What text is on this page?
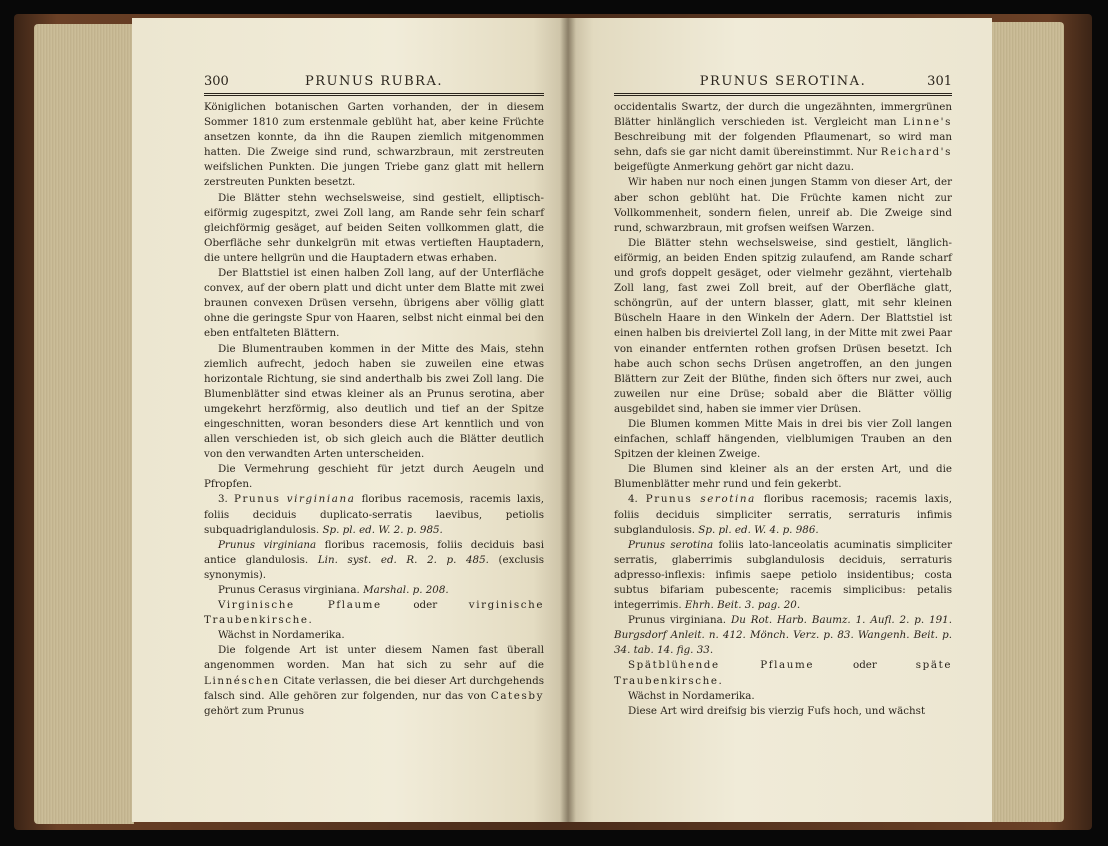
300	PRUNUS RUBRA.

Königlichen botanischen Garten vorhanden, der in diesem Sommer 1810 zum erstenmale geblüht hat, aber keine Früchte ansetzen konnte, da ihn die Raupen ziemlich mitgenommen hatten. Die Zweige sind rund, schwarzbraun, mit zerstreuten weifslichen Punkten. Die jungen Triebe ganz glatt mit hellern zerstreuten Punkten besetzt.

Die Blätter stehn wechselsweise, sind gestielt, elliptisch-eiförmig zugespitzt, zwei Zoll lang, am Rande sehr fein scharf gleichförmig gesäget, auf beiden Seiten vollkommen glatt, die Oberfläche sehr dunkelgrün mit etwas vertieften Hauptadern, die untere hellgrün und die Hauptadern etwas erhaben.

Der Blattstiel ist einen halben Zoll lang, auf der Unterfläche convex, auf der obern platt und dicht unter dem Blatte mit zwei braunen convexen Drüsen versehn, übrigens aber völlig glatt ohne die geringste Spur von Haaren, selbst nicht einmal bei den eben entfalteten Blättern.

Die Blumentrauben kommen in der Mitte des Mais, stehn ziemlich aufrecht, jedoch haben sie zuweilen eine etwas horizontale Richtung, sie sind anderthalb bis zwei Zoll lang. Die Blumenblätter sind etwas kleiner als an Prunus serotina, aber umgekehrt herzförmig, also deutlich und tief an der Spitze eingeschnitten, woran besonders diese Art kenntlich und von allen verschieden ist, ob sich gleich auch die Blätter deutlich von den verwandten Arten unterscheiden.

Die Vermehrung geschieht für jetzt durch Aeugeln und Pfropfen.

3. Prunus virginiana floribus racemosis, racemis laxis, foliis deciduis duplicato-serratis laevibus, petiolis subquadriglandulosis. Sp. pl. ed. W. 2. p. 985.

Prunus virginiana floribus racemosis, foliis deciduis basi antice glandulosis. Lin. syst. ed. R. 2. p. 485. (exclusis synonymis).

Prunus Cerasus virginiana. Marshal. p. 208.

Virginische Pflaume	oder	virginische Traubenkirsche.

Wächst in Nordamerika.

Die folgende Art ist unter diesem Namen fast überall angenommen worden. Man hat sich zu sehr auf die Linnéschen Citate verlassen, die bei dieser Art durchgehends falsch sind. Alle gehören zur folgenden, nur das von Catesby gehört zum Prunus

PRUNUS SEROTINA.	301

occidentalis Swartz, der durch die ungezähnten, immergrünen Blätter hinlänglich verschieden ist. Vergleicht man Linne's Beschreibung mit der folgenden Pflaumenart, so wird man sehn, dafs sie gar nicht damit übereinstimmt. Nur Reichard's beigefügte Anmerkung gehört gar nicht dazu.

Wir haben nur noch einen jungen Stamm von dieser Art, der aber schon geblüht hat. Die Früchte kamen nicht zur Vollkommenheit, sondern fielen, unreif ab. Die Zweige sind rund, schwarzbraun, mit grofsen weifsen Warzen.

Die Blätter stehn wechselsweise, sind gestielt, länglich-eiförmig, an beiden Enden spitzig zulaufend, am Rande scharf und grofs doppelt gesäget, oder vielmehr gezähnt, viertehalb Zoll lang, fast zwei Zoll breit, auf der Oberfläche glatt, schöngrün, auf der untern blasser, glatt, mit sehr kleinen Büscheln Haare in den Winkeln der Adern. Der Blattstiel ist einen halben bis dreiviertel Zoll lang, in der Mitte mit zwei Paar von einander entfernten rothen grofsen Drüsen besetzt. Ich habe auch schon sechs Drüsen angetroffen, an den jungen Blättern zur Zeit der Blüthe, finden sich öfters nur zwei, auch zuweilen nur eine Drüse; sobald aber die Blätter völlig ausgebildet sind, haben sie immer vier Drüsen.

Die Blumen kommen Mitte Mais in drei bis vier Zoll langen einfachen, schlaff hängenden, vielblumigen Trauben an den Spitzen der kleinen Zweige.

Die Blumen sind kleiner als an der ersten Art, und die Blumenblätter mehr rund und fein gekerbt.

4. Prunus serotina floribus racemosis; racemis laxis, foliis deciduis simpliciter serratis, serraturis infimis subglandulosis. Sp. pl. ed. W. 4. p. 986.

Prunus serotina foliis lato-lanceolatis acuminatis simpliciter serratis, glaberrimis subglandulosis deciduis, serraturis adpresso-inflexis: infimis saepe petiolo insidentibus; costa subtus bifariam pubescente; racemis simplicibus: petalis integerrimis. Ehrh. Beit. 3. pag. 20.

Prunus virginiana. Du Rot. Harb. Baumz. 1. Aufl. 2. p. 191. Burgsdorf Anleit. n. 412. Mönch. Verz. p. 83. Wangenh. Beit. p. 34. tab. 14. fig. 33.

Spätblühende Pflaume	oder	späte Traubenkirsche.

Wächst in Nordamerika.

Diese Art wird dreifsig bis vierzig Fufs hoch, und wächst
